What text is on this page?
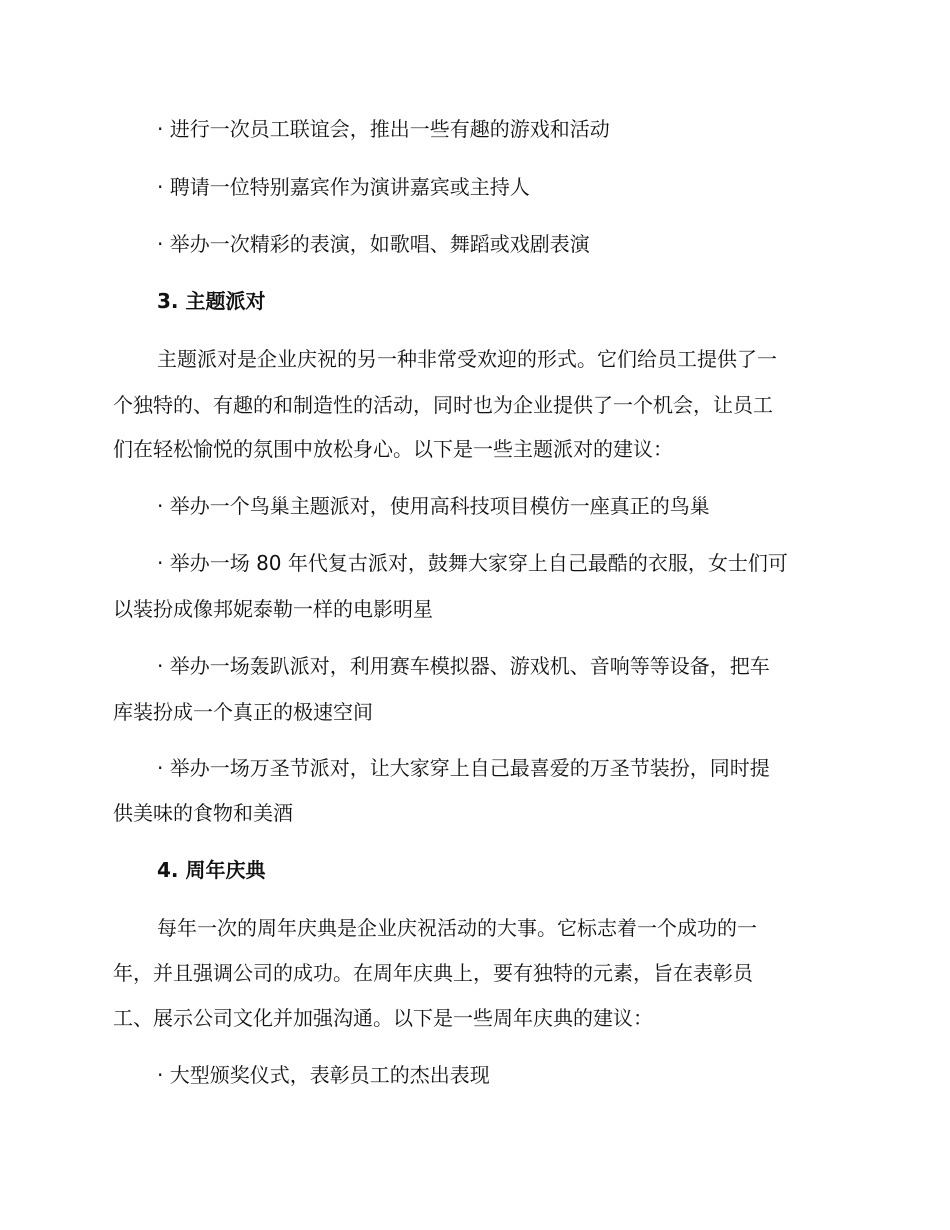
· 进行一次员工联谊会，推出一些有趣的游戏和活动
· 聘请一位特别嘉宾作为演讲嘉宾或主持人
· 举办一次精彩的表演，如歌唱、舞蹈或戏剧表演
3. 主题派对
主题派对是企业庆祝的另一种非常受欢迎的形式。它们给员工提供了一
个独特的、有趣的和制造性的活动，同时也为企业提供了一个机会，让员工
们在轻松愉悦的氛围中放松身心。以下是一些主题派对的建议：
· 举办一个鸟巢主题派对，使用高科技项目模仿一座真正的鸟巢
· 举办一场 80 年代复古派对，鼓舞大家穿上自己最酷的衣服，女士们可
以装扮成像邦妮泰勒一样的电影明星
· 举办一场轰趴派对，利用赛车模拟器、游戏机、音响等等设备，把车
库装扮成一个真正的极速空间
· 举办一场万圣节派对，让大家穿上自己最喜爱的万圣节装扮，同时提
供美味的食物和美酒
4. 周年庆典
每年一次的周年庆典是企业庆祝活动的大事。它标志着一个成功的一
年，并且强调公司的成功。在周年庆典上，要有独特的元素，旨在表彰员
工、展示公司文化并加强沟通。以下是一些周年庆典的建议：
· 大型颁奖仪式，表彰员工的杰出表现
